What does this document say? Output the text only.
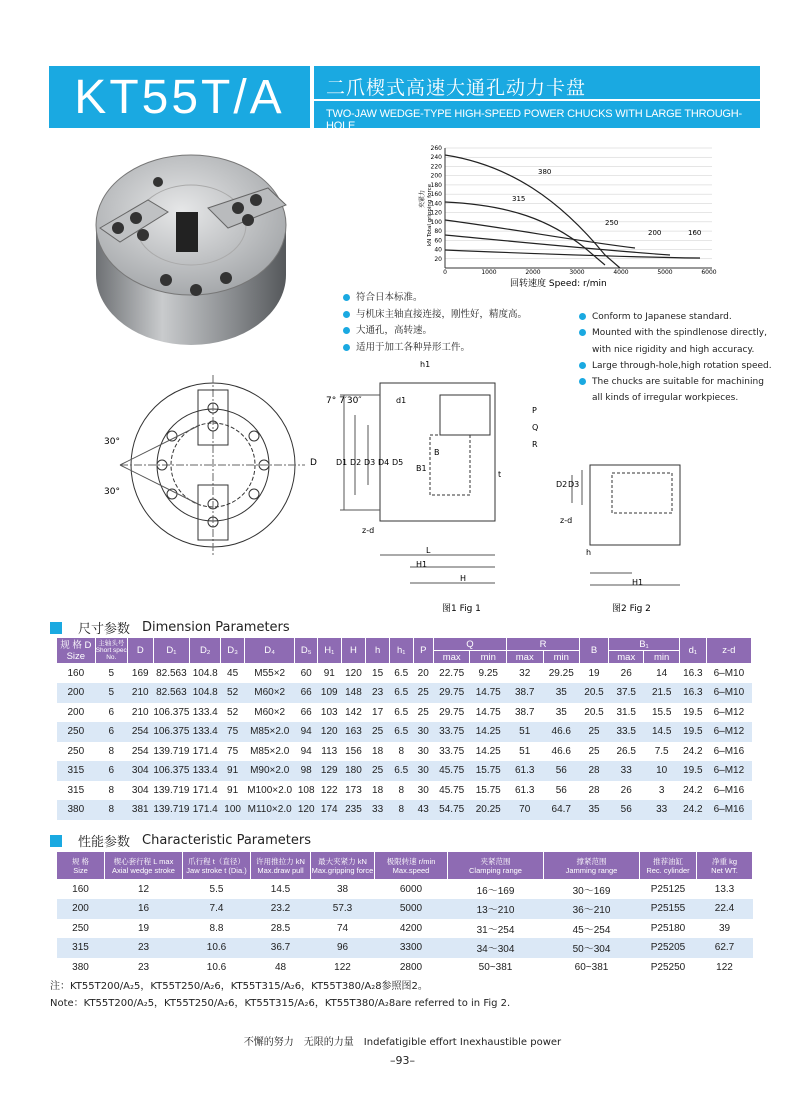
KT55T/A	二爪楔式高速大通孔动力卡盘
TWO-JAW WEDGE-TYPE HIGH-SPEED POWER CHUCKS WITH LARGE THROUGH-HOLE
260
240
220
200
180
160
140
120
100
80
60
40
20
0	1000	2000	3000	4000	5000	6000
380
315
250
200	160
夹紧力 kN Total gripping force
回转速度 Speed: r/min
符合日本标准。
与机床主轴直接连接，刚性好，精度高。
大通孔，高转速。
适用于加工各种异形工件。
Conform to Japanese standard.
Mounted with the spindlenose directly,
with nice rigidity and high accuracy.
Large through-hole,high rotation speed.
The chucks are suitable for machining
all kinds of irregular workpieces.
30°
30°
7° 7′30″
D D1 D2 D3 D4 D5
h1
d1
P
Q
R
B
B1
t
z-d
L
H1
H
图1 Fig 1
D2 D3
z-d
h
H1
图2 Fig 2
尺寸参数 Dimension Parameters
规 格 D
Size	主轴头号
Short spec No.	D	D₁	D₂	D₃	D₄	D₅	H₁	H	h	h₁	P	Q		R		B	B₁		d₁	z-d
													max	min	max	min		max	min		
160	5	169	82.563	104.8	45	M55×2	60	91	120	15	6.5	20	22.75	9.25	32	29.25	19	26	14	16.3	6–M10
200	5	210	82.563	104.8	52	M60×2	66	109	148	23	6.5	25	29.75	14.75	38.7	35	20.5	37.5	21.5	16.3	6–M10
200	6	210	106.375	133.4	52	M60×2	66	103	142	17	6.5	25	29.75	14.75	38.7	35	20.5	31.5	15.5	19.5	6–M12
250	6	254	106.375	133.4	75	M85×2.0	94	120	163	25	6.5	30	33.75	14.25	51	46.6	25	33.5	14.5	19.5	6–M12
250	8	254	139.719	171.4	75	M85×2.0	94	113	156	18	8	30	33.75	14.25	51	46.6	25	26.5	7.5	24.2	6–M16
315	6	304	106.375	133.4	91	M90×2.0	98	129	180	25	6.5	30	45.75	15.75	61.3	56	28	33	10	19.5	6–M12
315	8	304	139.719	171.4	91	M100×2.0	108	122	173	18	8	30	45.75	15.75	61.3	56	28	26	3	24.2	6–M16
380	8	381	139.719	171.4	100	M110×2.0	120	174	235	33	8	43	54.75	20.25	70	64.7	35	56	33	24.2	6–M16
性能参数 Characteristic Parameters
规 格
Size	楔心套行程 L max
Axial wedge stroke	爪行程 t（直径）
Jaw stroke t (Dia.)	许用推拉力 kN
Max.draw pull	最大夹紧力 kN
Max.gripping force	极限转速 r/min
Max.speed	夹紧范围
Clamping range	撑紧范围
Jamming range	推荐油缸
Rec. cylinder	净重 kg
Net WT.
160	12	5.5	14.5	38	6000	16～169	30～169	P25125	13.3
200	16	7.4	23.2	57.3	5000	13～210	36～210	P25155	22.4
250	19	8.8	28.5	74	4200	31～254	45～254	P25180	39
315	23	10.6	36.7	96	3300	34～304	50～304	P25205	62.7
380	23	10.6	48	122	2800	50~381	60~381	P25250	122
注：KT55T200/A₂5，KT55T250/A₂6，KT55T315/A₂6，KT55T380/A₂8参照图2。
Note：KT55T200/A₂5，KT55T250/A₂6，KT55T315/A₂6，KT55T380/A₂8are referred to in Fig 2.
不懈的努力　无限的力量　Indefatigible effort Inexhaustible power
–93–
